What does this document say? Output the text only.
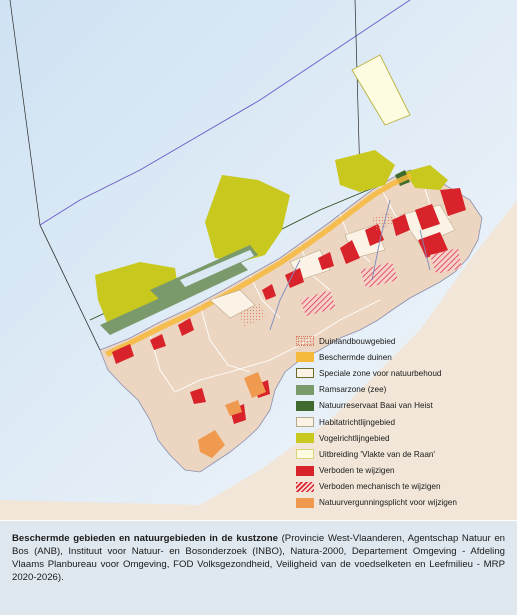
Duinlandbouwgebied
Beschermde duinen
Speciale zone voor natuurbehoud
Ramsarzone (zee)
Natuurreservaat Baai van Heist
Habitatrichtlijngebied
Vogelrichtlijngebied
Uitbreiding 'Vlakte van de Raan'
Verboden te wijzigen
Verboden mechanisch te wijzigen
Natuurvergunningsplicht voor wijzigen
Beschermde gebieden en natuurgebieden in de kustzone (Provincie West-Vlaanderen, Agentschap Natuur en Bos (ANB), Instituut voor Natuur- en Bosonderzoek (INBO), Natura-2000, Departement Omgeving - Afdeling Vlaams Planbureau voor Omgeving, FOD Volksgezondheid, Veiligheid van de voedselketen en Leefmilieu - MRP 2020-2026).
